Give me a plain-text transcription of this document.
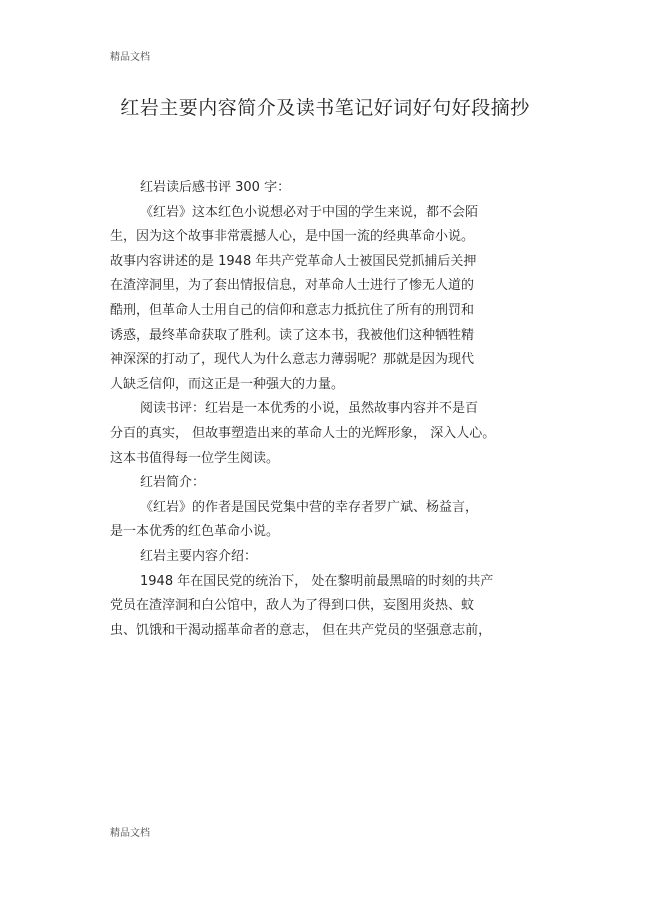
精品文档
红岩主要内容简介及读书笔记好词好句好段摘抄
红岩读后感书评 300 字：
《红岩》这本红色小说想必对于中国的学生来说，都不会陌
生，因为这个故事非常震撼人心，是中国一流的经典革命小说。
故事内容讲述的是 1948 年共产党革命人士被国民党抓捕后关押
在渣滓洞里，为了套出情报信息，对革命人士进行了惨无人道的
酷刑，但革命人士用自己的信仰和意志力抵抗住了所有的刑罚和
诱惑，最终革命获取了胜利。读了这本书，我被他们这种牺牲精
神深深的打动了，现代人为什么意志力薄弱呢？那就是因为现代
人缺乏信仰，而这正是一种强大的力量。
阅读书评：红岩是一本优秀的小说，虽然故事内容并不是百
分百的真实， 但故事塑造出来的革命人士的光辉形象， 深入人心。
这本书值得每一位学生阅读。
红岩简介：
《红岩》的作者是国民党集中营的幸存者罗广斌、杨益言，
是一本优秀的红色革命小说。
红岩主要内容介绍：
1948 年在国民党的统治下， 处在黎明前最黑暗的时刻的共产
党员在渣滓洞和白公馆中，敌人为了得到口供，妄图用炎热、蚊
虫、饥饿和干渴动摇革命者的意志， 但在共产党员的坚强意志前，
精品文档
